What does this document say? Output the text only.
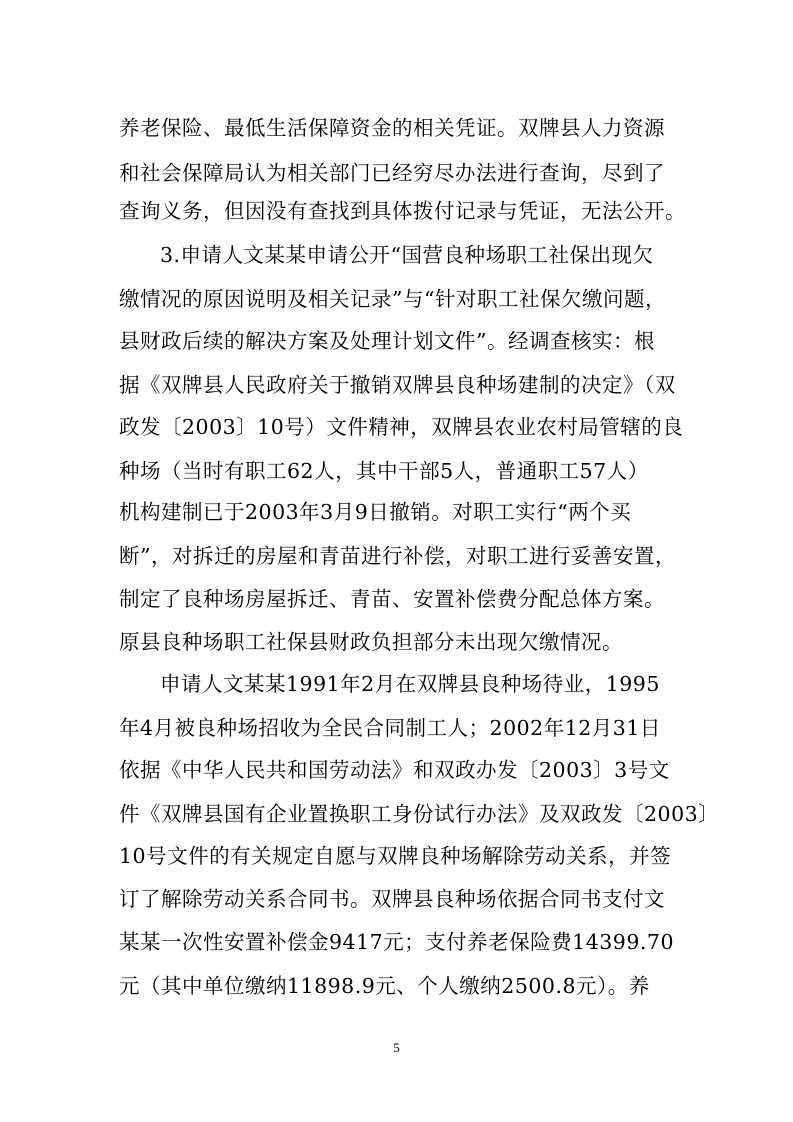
养老保险、最低生活保障资金的相关凭证。双牌县人力资源
和社会保障局认为相关部门已经穷尽办法进行查询，尽到了
查询义务，但因没有查找到具体拨付记录与凭证，无法公开。
3.申请人文某某申请公开“国营良种场职工社保出现欠
缴情况的原因说明及相关记录”与“针对职工社保欠缴问题，
县财政后续的解决方案及处理计划文件”。经调查核实：根
据《双牌县人民政府关于撤销双牌县良种场建制的决定》（双
政发〔2003〕10号）文件精神，双牌县农业农村局管辖的良
种场（当时有职工62人，其中干部5人，普通职工57人）
机构建制已于2003年3月9日撤销。对职工实行“两个买
断”，对拆迁的房屋和青苗进行补偿，对职工进行妥善安置，
制定了良种场房屋拆迁、青苗、安置补偿费分配总体方案。
原县良种场职工社保县财政负担部分未出现欠缴情况。
申请人文某某1991年2月在双牌县良种场待业，1995
年4月被良种场招收为全民合同制工人；2002年12月31日
依据《中华人民共和国劳动法》和双政办发〔2003〕3号文
件《双牌县国有企业置换职工身份试行办法》及双政发〔2003〕
10号文件的有关规定自愿与双牌良种场解除劳动关系，并签
订了解除劳动关系合同书。双牌县良种场依据合同书支付文
某某一次性安置补偿金9417元；支付养老保险费14399.70
元（其中单位缴纳11898.9元、个人缴纳2500.8元）。养
5
